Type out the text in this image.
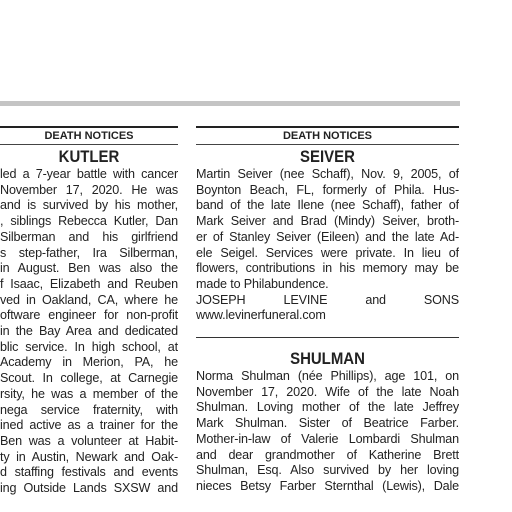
DEATH NOTICES
KUTLER
led a 7-year battle with cancer
November 17, 2020. He was
and is survived by his mother,
, siblings Rebecca Kutler, Dan
Silberman and his girlfriend
s step-father, Ira Silberman,
in August. Ben was also the
f Isaac, Elizabeth and Reuben
ved in Oakland, CA, where he
oftware engineer for non-profit
in the Bay Area and dedicated
blic service. In high school, at
Academy in Merion, PA, he
Scout. In college, at Carnegie
rsity, he was a member of the
nega service fraternity, with
ined active as a trainer for the
Ben was a volunteer at Habit-
ty in Austin, Newark and Oak-
d staffing festivals and events
ing Outside Lands SXSW and
DEATH NOTICES
SEIVER
Martin Seiver (nee Schaff), Nov. 9, 2005, of
Boynton Beach, FL, formerly of Phila. Hus-
band of the late Ilene (nee Schaff), father of
Mark Seiver and Brad (Mindy) Seiver, broth-
er of Stanley Seiver (Eileen) and the late Ad-
ele Seigel. Services were private. In lieu of
flowers, contributions in his memory may be
made to Philabundence.
JOSEPH LEVINE and SONS
www.levinerfuneral.com
SHULMAN
Norma Shulman (née Phillips), age 101, on
November 17, 2020. Wife of the late Noah
Shulman. Loving mother of the late Jeffrey
Mark Shulman. Sister of Beatrice Farber.
Mother-in-law of Valerie Lombardi Shulman
and dear grandmother of Katherine Brett
Shulman, Esq. Also survived by her loving
nieces Betsy Farber Sternthal (Lewis), Dale
